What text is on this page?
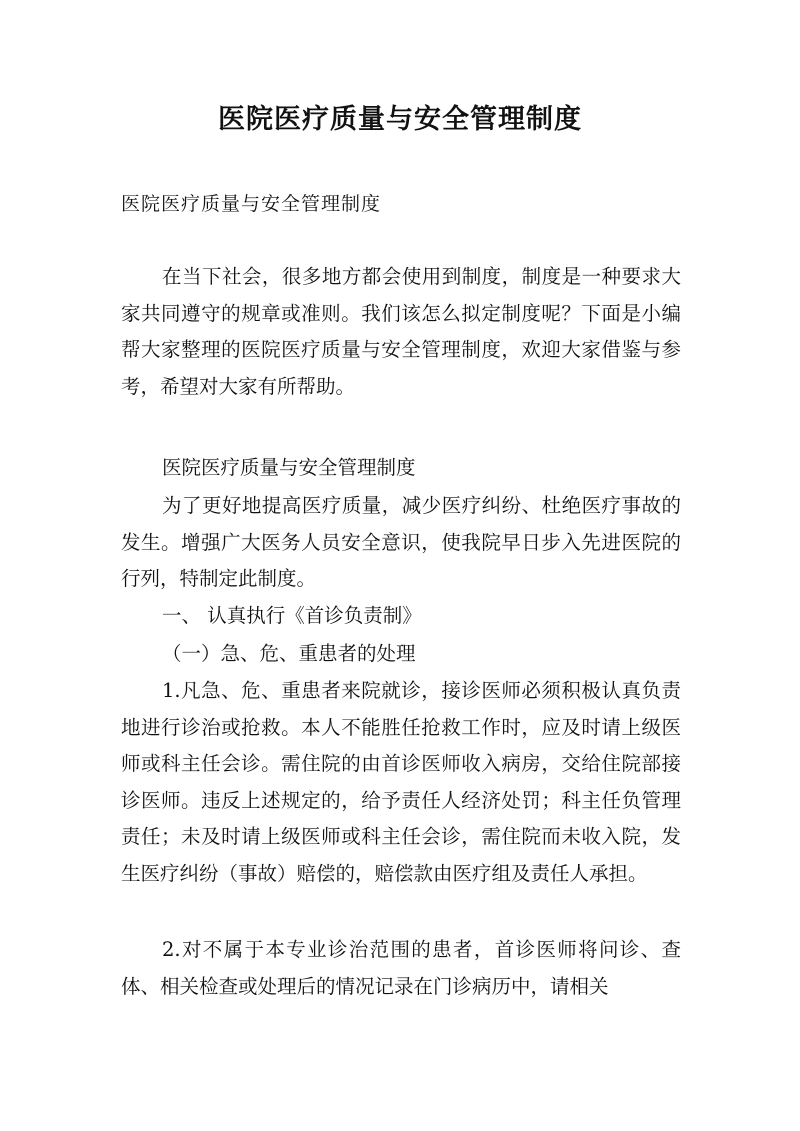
医院医疗质量与安全管理制度
医院医疗质量与安全管理制度
在当下社会，很多地方都会使用到制度，制度是一种要求大家共同遵守的规章或准则。我们该怎么拟定制度呢？下面是小编帮大家整理的医院医疗质量与安全管理制度，欢迎大家借鉴与参考，希望对大家有所帮助。
医院医疗质量与安全管理制度
为了更好地提高医疗质量，减少医疗纠纷、杜绝医疗事故的发生。增强广大医务人员安全意识，使我院早日步入先进医院的行列，特制定此制度。
一、 认真执行《首诊负责制》
（一）急、危、重患者的处理
1.凡急、危、重患者来院就诊，接诊医师必须积极认真负责地进行诊治或抢救。本人不能胜任抢救工作时，应及时请上级医师或科主任会诊。需住院的由首诊医师收入病房，交给住院部接诊医师。违反上述规定的，给予责任人经济处罚；科主任负管理责任；未及时请上级医师或科主任会诊，需住院而未收入院，发生医疗纠纷（事故）赔偿的，赔偿款由医疗组及责任人承担。
2.对不属于本专业诊治范围的患者，首诊医师将问诊、查体、相关检查或处理后的情况记录在门诊病历中，请相关
